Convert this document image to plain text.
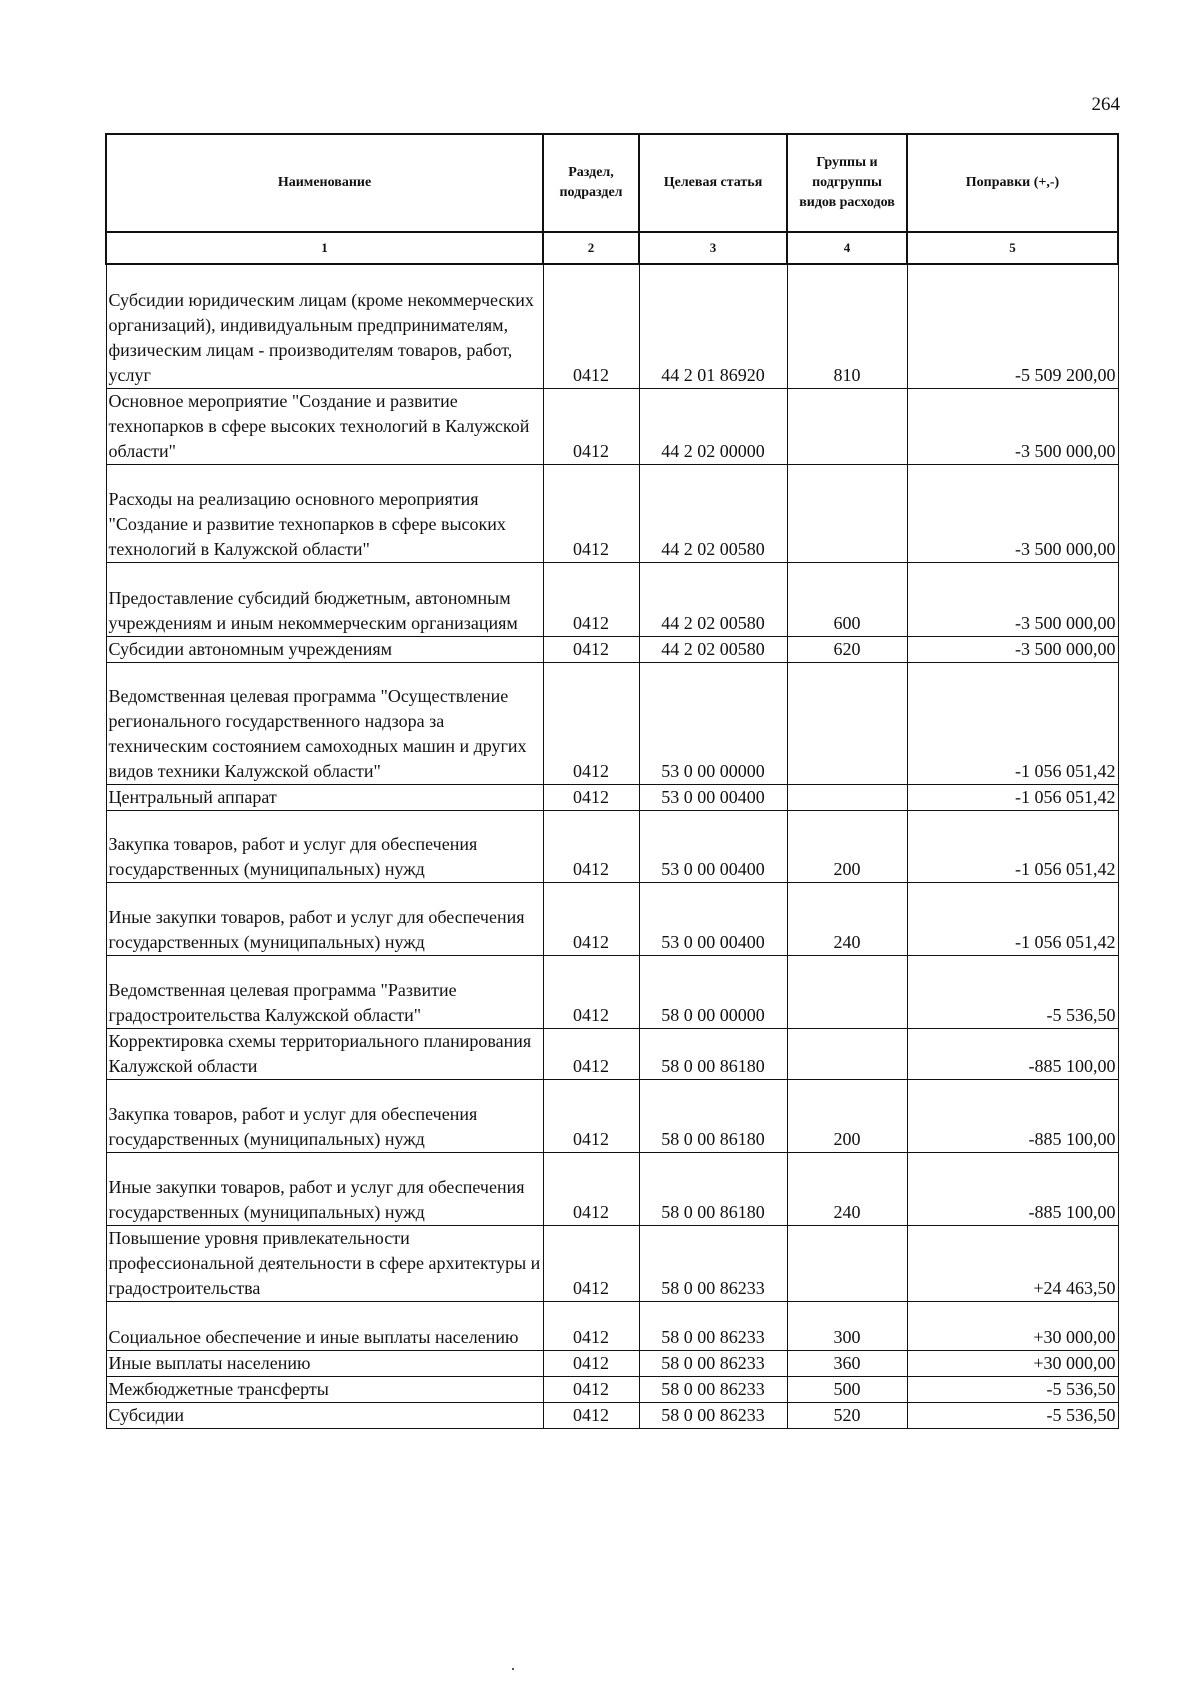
264
Наименование	Раздел, подраздел	Целевая статья	Группы и подгруппы видов расходов	Поправки (+,-)
1	2	3	4	5
Субсидии юридическим лицам (кроме некоммерческих организаций), индивидуальным предпринимателям, физическим лицам - производителям товаров, работ, услуг	0412	44 2 01 86920	810	-5 509 200,00
Основное мероприятие "Создание и развитие технопарков в сфере высоких технологий в Калужской области"	0412	44 2 02 00000		-3 500 000,00
Расходы на реализацию основного мероприятия "Создание и развитие технопарков в сфере высоких технологий в Калужской области"	0412	44 2 02 00580		-3 500 000,00
Предоставление субсидий бюджетным, автономным учреждениям и иным некоммерческим организациям	0412	44 2 02 00580	600	-3 500 000,00
Субсидии автономным учреждениям	0412	44 2 02 00580	620	-3 500 000,00
Ведомственная целевая программа "Осуществление регионального государственного надзора за техническим состоянием самоходных машин и других видов техники Калужской области"	0412	53 0 00 00000		-1 056 051,42
Центральный аппарат	0412	53 0 00 00400		-1 056 051,42
Закупка товаров, работ и услуг для обеспечения государственных (муниципальных) нужд	0412	53 0 00 00400	200	-1 056 051,42
Иные закупки товаров, работ и услуг для обеспечения государственных (муниципальных) нужд	0412	53 0 00 00400	240	-1 056 051,42
Ведомственная целевая программа "Развитие градостроительства Калужской области"	0412	58 0 00 00000		-5 536,50
Корректировка схемы территориального планирования Калужской области	0412	58 0 00 86180		-885 100,00
Закупка товаров, работ и услуг для обеспечения государственных (муниципальных) нужд	0412	58 0 00 86180	200	-885 100,00
Иные закупки товаров, работ и услуг для обеспечения государственных (муниципальных) нужд	0412	58 0 00 86180	240	-885 100,00
Повышение уровня привлекательности профессиональной деятельности в сфере архитектуры и градостроительства	0412	58 0 00 86233		+24 463,50
Социальное обеспечение и иные выплаты населению	0412	58 0 00 86233	300	+30 000,00
Иные выплаты населению	0412	58 0 00 86233	360	+30 000,00
Межбюджетные трансферты	0412	58 0 00 86233	500	-5 536,50
Субсидии	0412	58 0 00 86233	520	-5 536,50
